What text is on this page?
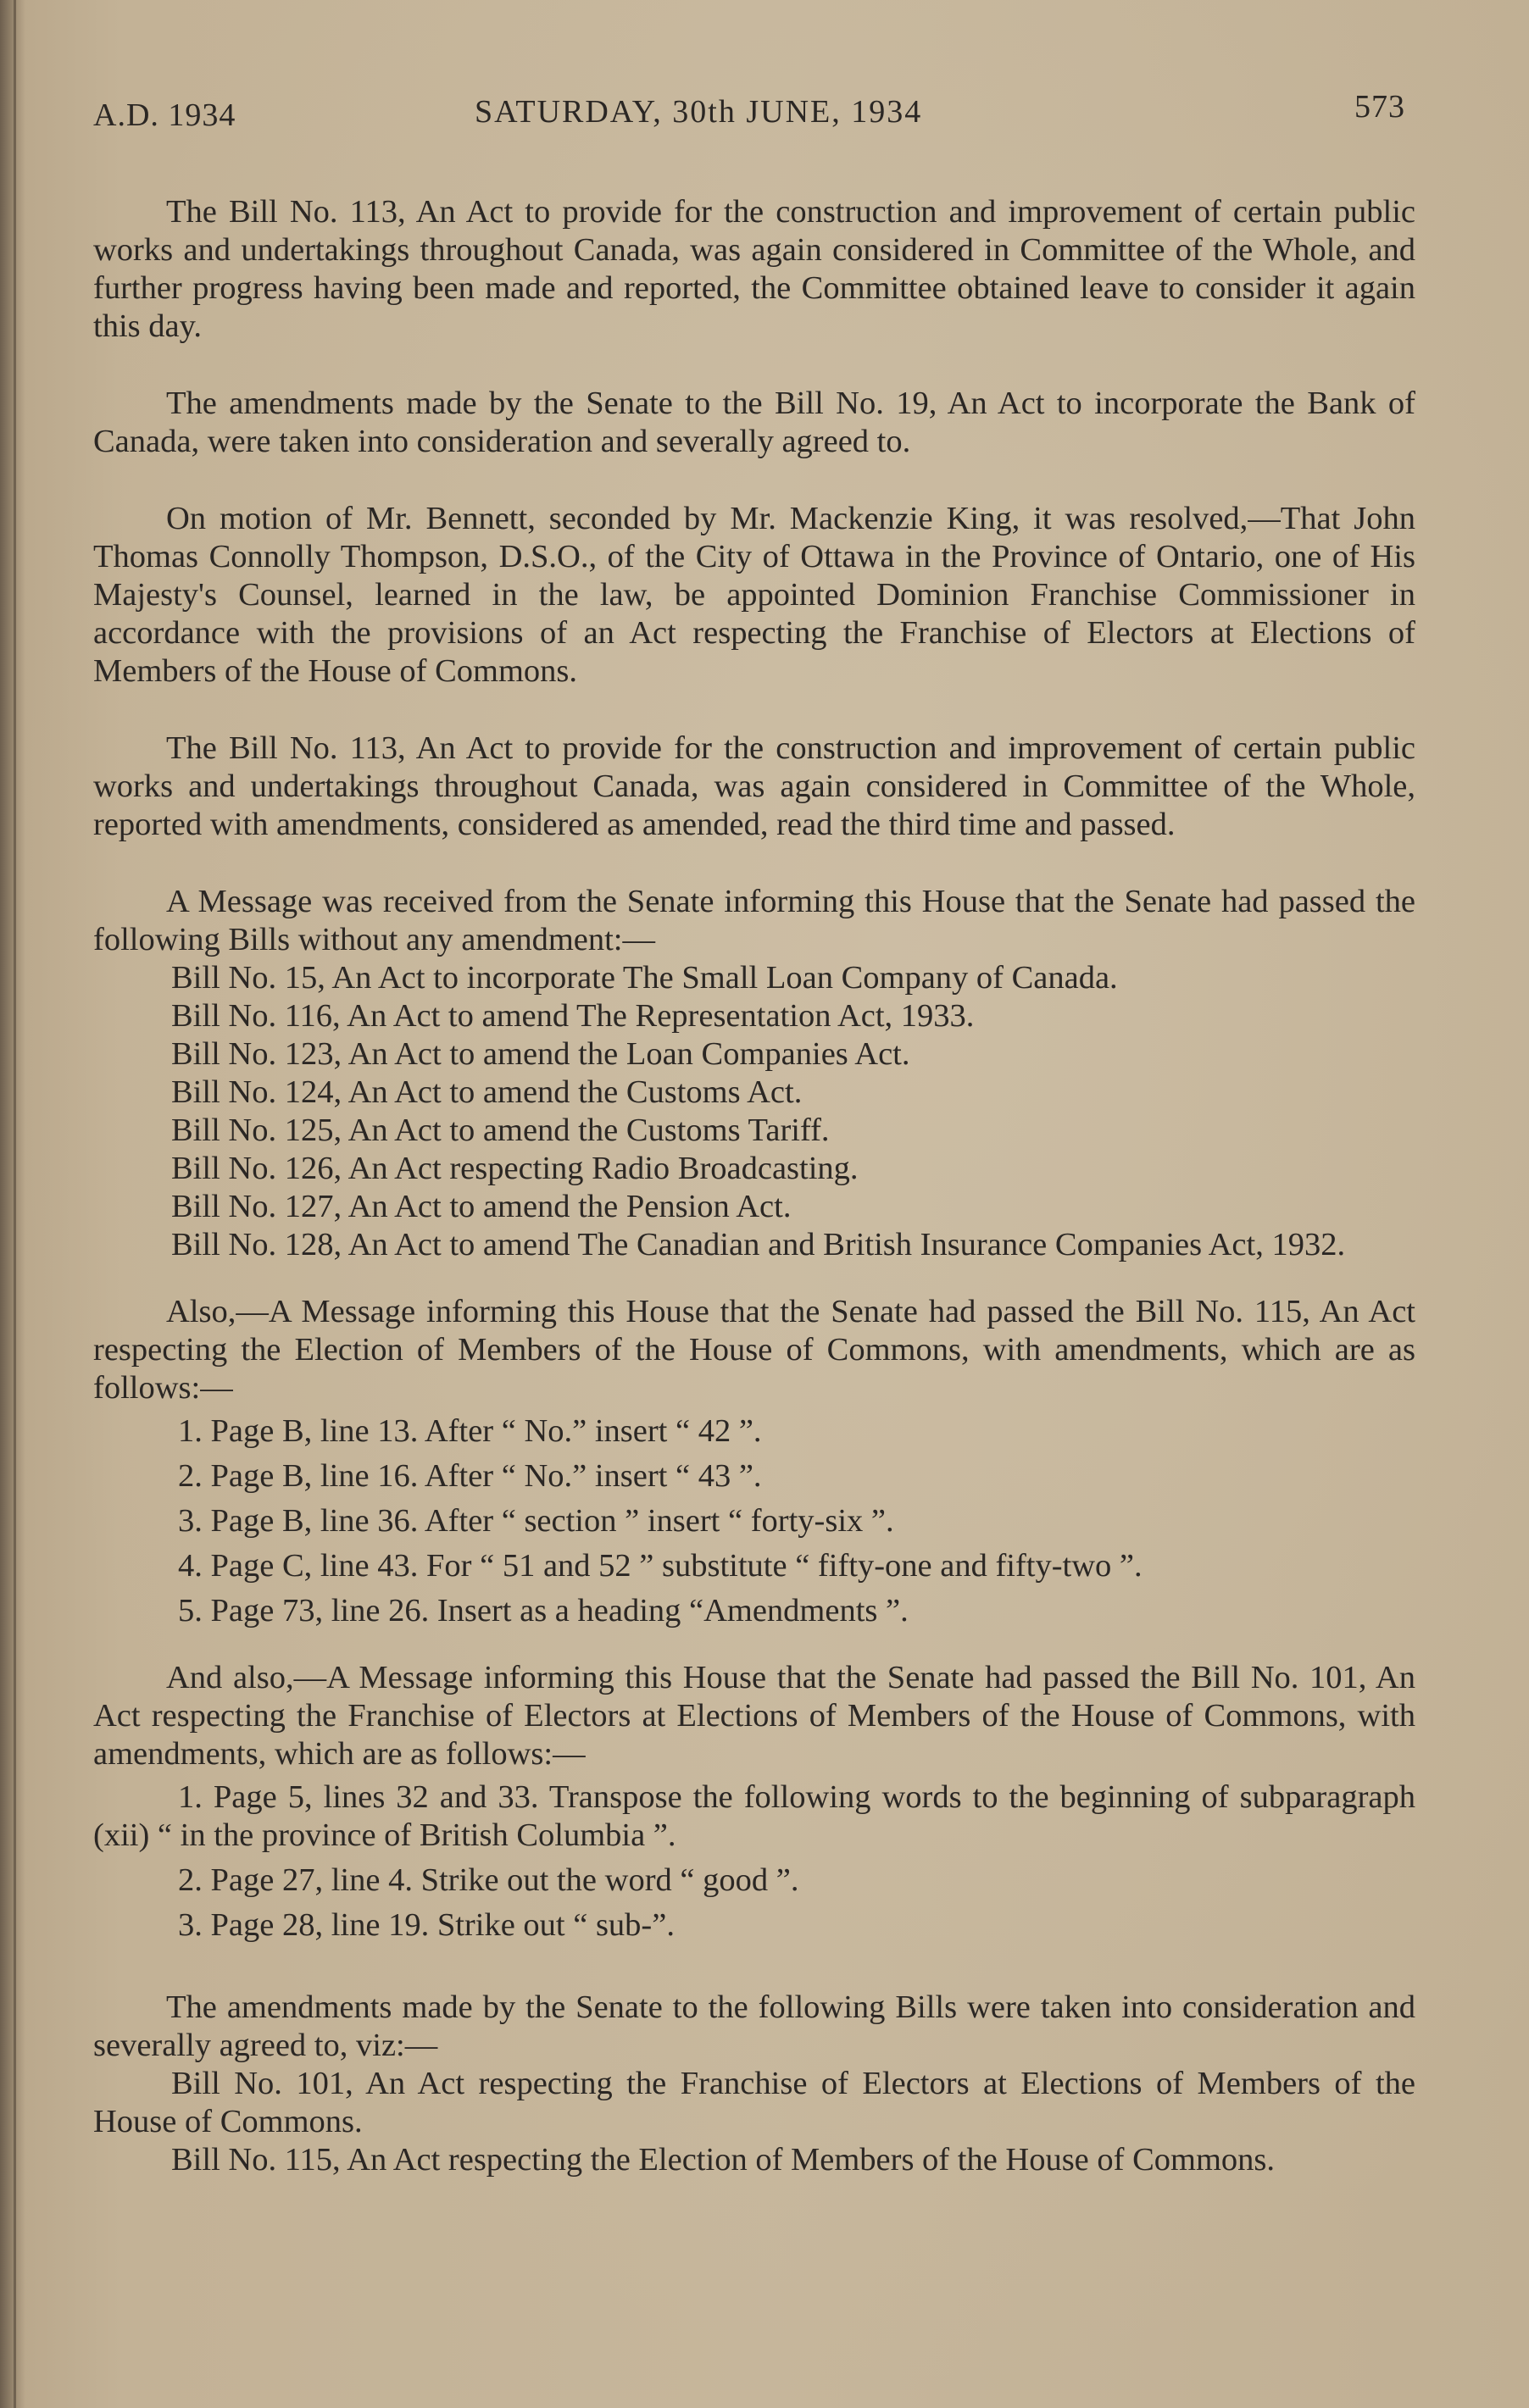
A.D. 1934	SATURDAY, 30th JUNE, 1934	573

The Bill No. 113, An Act to provide for the construction and improvement of certain public works and undertakings throughout Canada, was again considered in Committee of the Whole, and further progress having been made and reported, the Committee obtained leave to consider it again this day.

The amendments made by the Senate to the Bill No. 19, An Act to incorporate the Bank of Canada, were taken into consideration and severally agreed to.

On motion of Mr. Bennett, seconded by Mr. Mackenzie King, it was resolved,—That John Thomas Connolly Thompson, D.S.O., of the City of Ottawa in the Province of Ontario, one of His Majesty's Counsel, learned in the law, be appointed Dominion Franchise Commissioner in accordance with the provisions of an Act respecting the Franchise of Electors at Elections of Members of the House of Commons.

The Bill No. 113, An Act to provide for the construction and improvement of certain public works and undertakings throughout Canada, was again considered in Committee of the Whole, reported with amendments, considered as amended, read the third time and passed.

A Message was received from the Senate informing this House that the Senate had passed the following Bills without any amendment:—

Bill No. 15, An Act to incorporate The Small Loan Company of Canada.

Bill No. 116, An Act to amend The Representation Act, 1933.

Bill No. 123, An Act to amend the Loan Companies Act.

Bill No. 124, An Act to amend the Customs Act.

Bill No. 125, An Act to amend the Customs Tariff.

Bill No. 126, An Act respecting Radio Broadcasting.

Bill No. 127, An Act to amend the Pension Act.

Bill No. 128, An Act to amend The Canadian and British Insurance Companies Act, 1932.

Also,—A Message informing this House that the Senate had passed the Bill No. 115, An Act respecting the Election of Members of the House of Commons, with amendments, which are as follows:—

1. Page B, line 13. After “ No.” insert “ 42 ”.

2. Page B, line 16. After “ No.” insert “ 43 ”.

3. Page B, line 36. After “ section ” insert “ forty-six ”.

4. Page C, line 43. For “ 51 and 52 ” substitute “ fifty-one and fifty-two ”.

5. Page 73, line 26. Insert as a heading “Amendments ”.

And also,—A Message informing this House that the Senate had passed the Bill No. 101, An Act respecting the Franchise of Electors at Elections of Members of the House of Commons, with amendments, which are as follows:—

1. Page 5, lines 32 and 33. Transpose the following words to the beginning of subparagraph (xii) “ in the province of British Columbia ”.

2. Page 27, line 4. Strike out the word “ good ”.

3. Page 28, line 19. Strike out “ sub-”.

The amendments made by the Senate to the following Bills were taken into consideration and severally agreed to, viz:—

Bill No. 101, An Act respecting the Franchise of Electors at Elections of Members of the House of Commons.

Bill No. 115, An Act respecting the Election of Members of the House of Commons.
